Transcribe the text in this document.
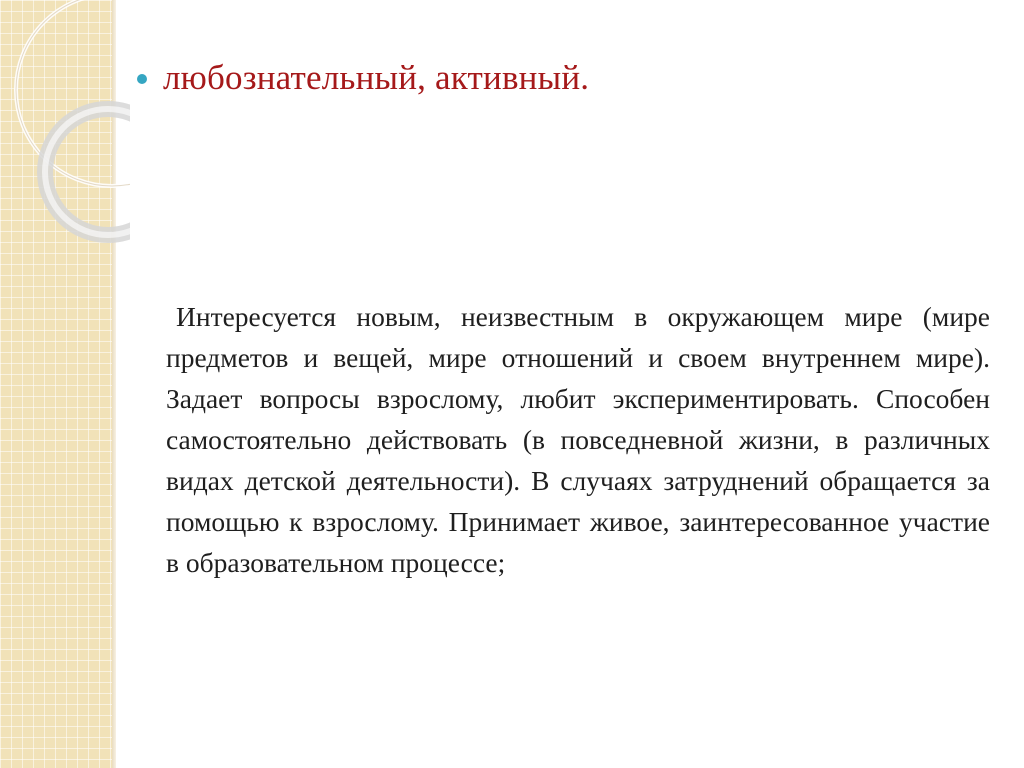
любознательный, активный.
Интересуется новым, неизвестным в окружающем мире (мире предметов и вещей, мире отношений и своем внутреннем мире). Задает вопросы взрослому, любит экспериментировать. Способен самостоятельно действовать (в повседневной жизни, в различных видах детской деятельности). В случаях затруднений обращается за помощью к взрослому. Принимает живое, заинтересованное участие в образовательном процессе;
